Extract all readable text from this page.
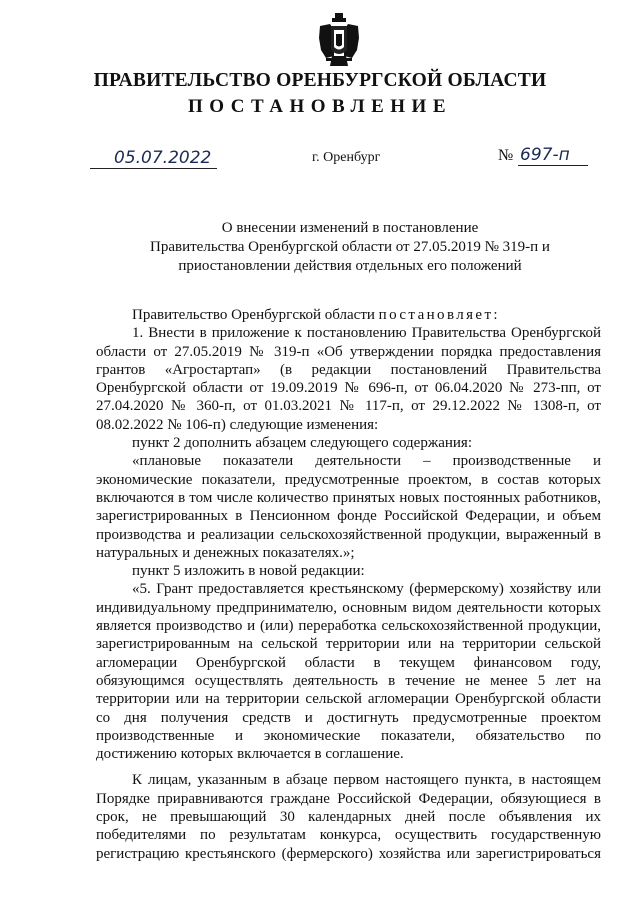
ПРАВИТЕЛЬСТВО ОРЕНБУРГСКОЙ ОБЛАСТИ
ПОСТАНОВЛЕНИЕ
05.07.2022	г. Оренбург	№ 697-п
О внесении изменений в постановление
Правительства Оренбургской области от 27.05.2019 № 319-п и
приостановлении действия отдельных его положений
Правительство Оренбургской области постановляет:
1. Внести в приложение к постановлению Правительства Оренбургской
области от 27.05.2019 № 319-п «Об утверждении порядка предоставления
грантов «Агростартап» (в редакции постановлений Правительства
Оренбургской области от 19.09.2019 № 696-п, от 06.04.2020 № 273-пп, от
27.04.2020 № 360-п, от 01.03.2021 № 117-п, от 29.12.2022 № 1308-п, от
08.02.2022 № 106-п) следующие изменения:
пункт 2 дополнить абзацем следующего содержания:
«плановые показатели деятельности – производственные и
экономические показатели, предусмотренные проектом, в состав которых
включаются в том числе количество принятых новых постоянных работников,
зарегистрированных в Пенсионном фонде Российской Федерации, и объем
производства и реализации сельскохозяйственной продукции, выраженный в
натуральных и денежных показателях.»;
пункт 5 изложить в новой редакции:
«5. Грант предоставляется крестьянскому (фермерскому) хозяйству или
индивидуальному предпринимателю, основным видом деятельности которых
является производство и (или) переработка сельскохозяйственной продукции,
зарегистрированным на сельской территории или на территории сельской
агломерации Оренбургской области в текущем финансовом году,
обязующимся осуществлять деятельность в течение не менее 5 лет на
территории или на территории сельской агломерации Оренбургской области
со дня получения средств и достигнуть предусмотренные проектом
производственные и экономические показатели, обязательство по
достижению которых включается в соглашение.
К лицам, указанным в абзаце первом настоящего пункта, в настоящем
Порядке приравниваются граждане Российской Федерации, обязующиеся в
срок, не превышающий 30 календарных дней после объявления их
победителями по результатам конкурса, осуществить государственную
регистрацию крестьянского (фермерского) хозяйства или зарегистрироваться
